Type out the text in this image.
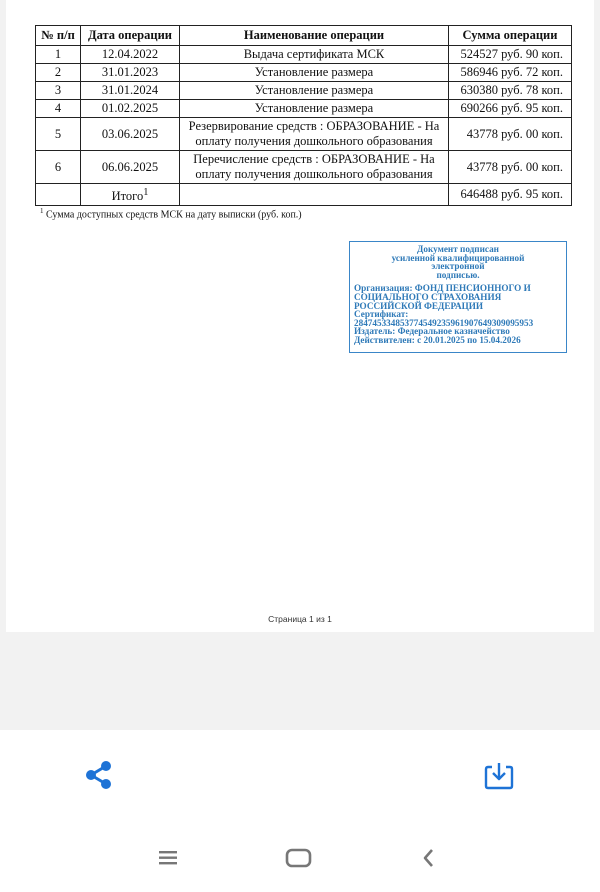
№ п/п	Дата операции	Наименование операции	Сумма операции
1	12.04.2022	Выдача сертификата МСК	524527 руб. 90 коп.
2	31.01.2023	Установление размера	586946 руб. 72 коп.
3	31.01.2024	Установление размера	630380 руб. 78 коп.
4	01.02.2025	Установление размера	690266 руб. 95 коп.
5	03.06.2025	Резервирование средств : ОБРАЗОВАНИЕ - На оплату получения дошкольного образования	43778 руб. 00 коп.
6	06.06.2025	Перечисление средств : ОБРАЗОВАНИЕ - На оплату получения дошкольного образования	43778 руб. 00 коп.
	Итого$^1$		646488 руб. 95 коп.
$^1$ Сумма доступных средств МСК на дату выписки (руб. коп.)
Документ подписан
усиленной квалифицированной
электронной
подписью.
Организация: ФОНД ПЕНСИОННОГО И СОЦИАЛЬНОГО СТРАХОВАНИЯ РОССИЙСКОЙ ФЕДЕРАЦИИ
Сертификат:
284745334853774549235961907649309095953
Издатель: Федеральное казначейство
Действителен: с 20.01.2025 по 15.04.2026
Страница 1 из 1
